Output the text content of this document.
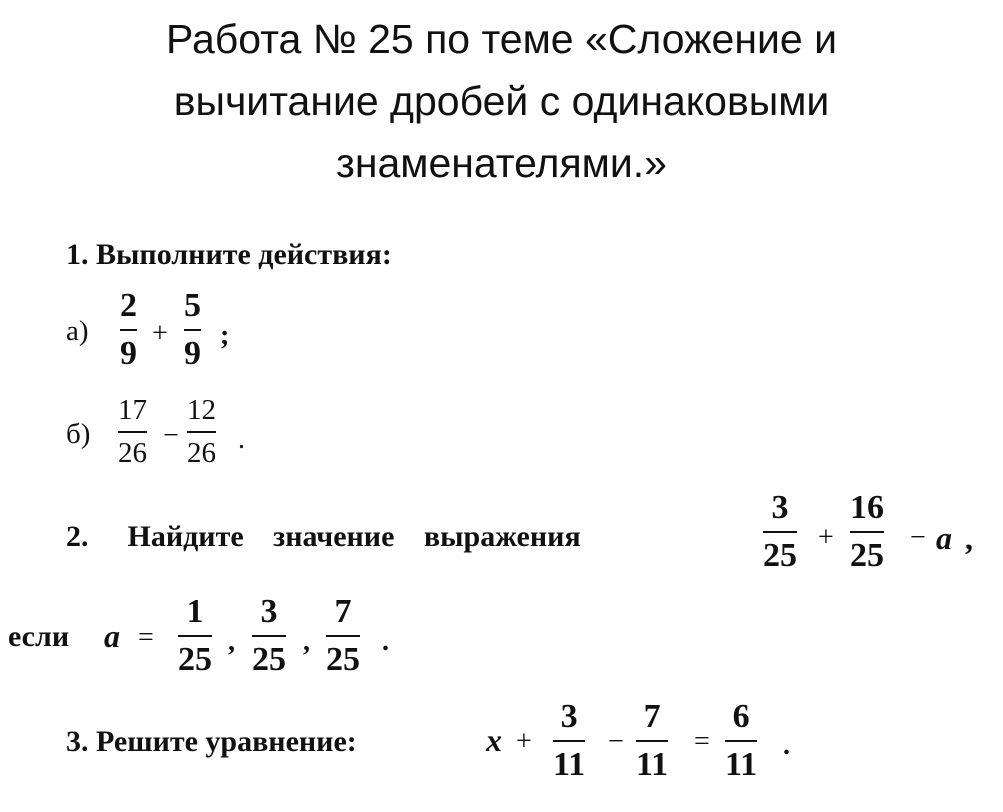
Работа № 25 по теме «Сложение и
вычитание дробей с одинаковыми
знаменателями.»
1. Выполните действия:
а)
2
9
+
5
9 ;
б)
17
26
−
12
26 .
2. Найдите значение выражения
3
25 +
16
25 − a ,
если a =
1
25 ,
3
25 ,
7
25 .
3. Решите уравнение:	x +
3
11
−
7
11
=
6
11
.
